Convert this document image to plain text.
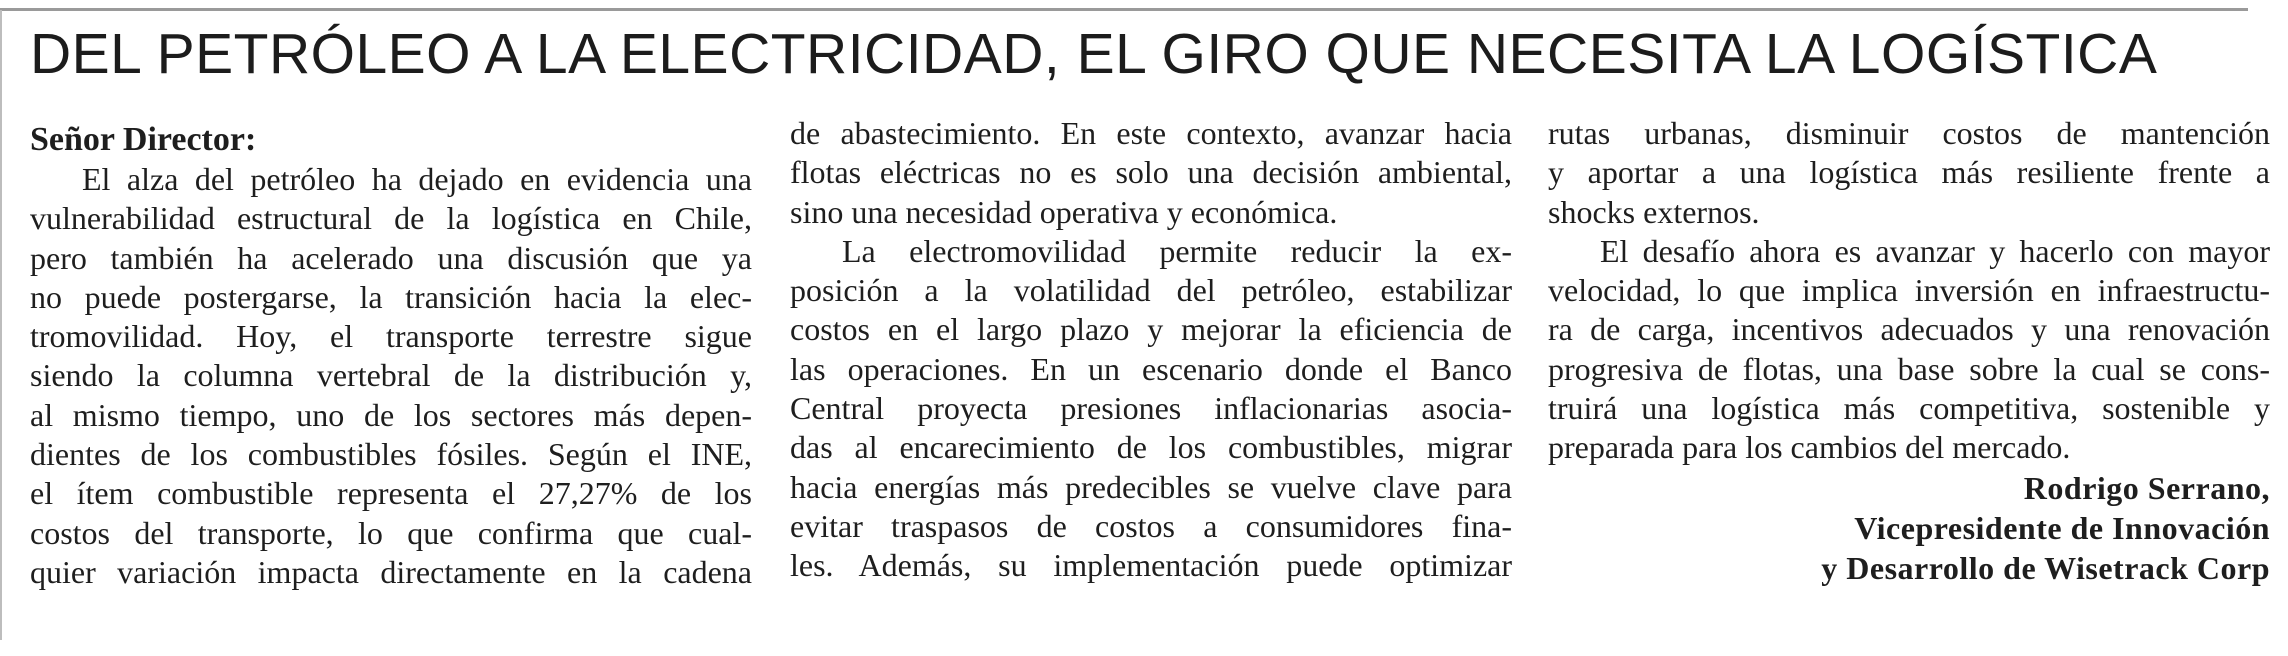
DEL PETRÓLEO A LA ELECTRICIDAD, EL GIRO QUE NECESITA LA LOGÍSTICA

Señor Director:

El alza del petróleo ha dejado en evidencia una
vulnerabilidad estructural de la logística en Chile,
pero también ha acelerado una discusión que ya
no puede postergarse, la transición hacia la elec-
tromovilidad. Hoy, el transporte terrestre sigue
siendo la columna vertebral de la distribución y,
al mismo tiempo, uno de los sectores más depen-
dientes de los combustibles fósiles. Según el INE,
el ítem combustible representa el 27,27% de los
costos del transporte, lo que confirma que cual-
quier variación impacta directamente en la cadena

de abastecimiento. En este contexto, avanzar hacia
flotas eléctricas no es solo una decisión ambiental,
sino una necesidad operativa y económica.

La electromovilidad permite reducir la ex-
posición a la volatilidad del petróleo, estabilizar
costos en el largo plazo y mejorar la eficiencia de
las operaciones. En un escenario donde el Banco
Central proyecta presiones inflacionarias asocia-
das al encarecimiento de los combustibles, migrar
hacia energías más predecibles se vuelve clave para
evitar traspasos de costos a consumidores fina-
les. Además, su implementación puede optimizar

rutas urbanas, disminuir costos de mantención
y aportar a una logística más resiliente frente a
shocks externos.

El desafío ahora es avanzar y hacerlo con mayor
velocidad, lo que implica inversión en infraestructu-
ra de carga, incentivos adecuados y una renovación
progresiva de flotas, una base sobre la cual se cons-
truirá una logística más competitiva, sostenible y
preparada para los cambios del mercado.

Rodrigo Serrano,
Vicepresidente de Innovación
y Desarrollo de Wisetrack Corp
